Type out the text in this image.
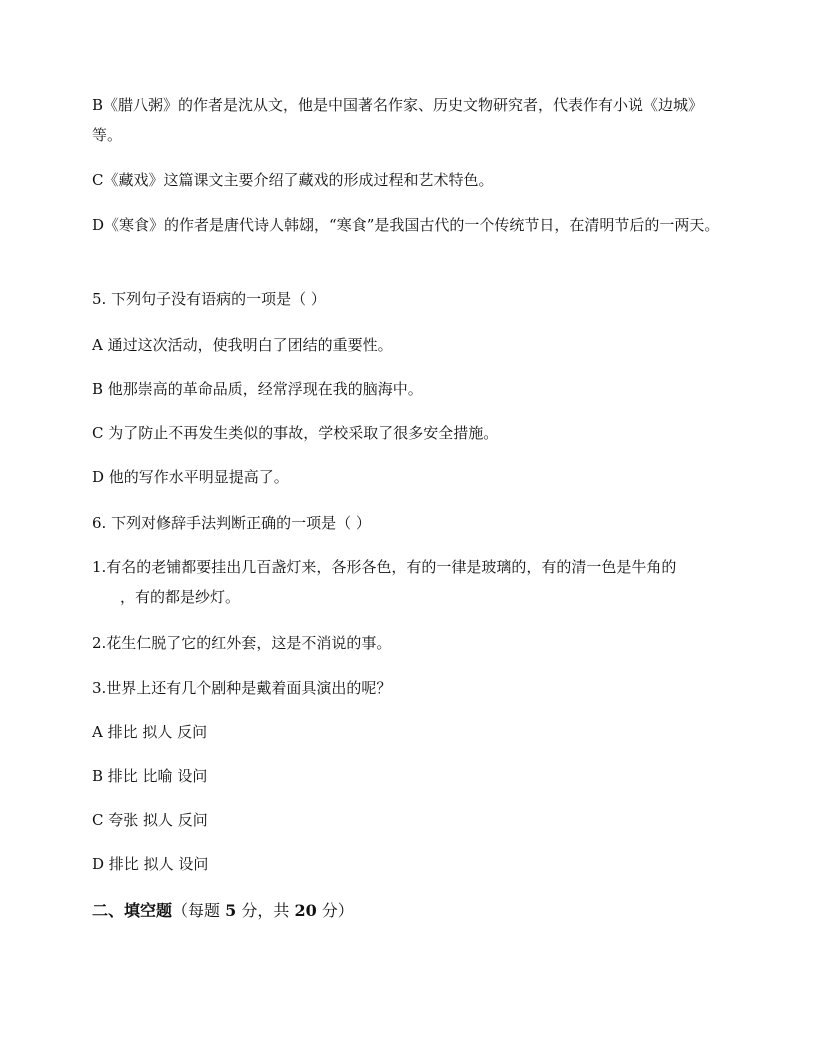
B《腊八粥》的作者是沈从文，他是中国著名作家、历史文物研究者，代表作有小说《边城》等。

C《藏戏》这篇课文主要介绍了藏戏的形成过程和艺术特色。

D《寒食》的作者是唐代诗人韩翃，“寒食”是我国古代的一个传统节日，在清明节后的一两天。

5. 下列句子没有语病的一项是（ ）

A 通过这次活动，使我明白了团结的重要性。

B 他那崇高的革命品质，经常浮现在我的脑海中。

C 为了防止不再发生类似的事故，学校采取了很多安全措施。

D 他的写作水平明显提高了。

6. 下列对修辞手法判断正确的一项是（ ）

1.有名的老铺都要挂出几百盏灯来，各形各色，有的一律是玻璃的，有的清一色是牛角的
，有的都是纱灯。

2.花生仁脱了它的红外套，这是不消说的事。

3.世界上还有几个剧种是戴着面具演出的呢？

A 排比 拟人 反问

B 排比 比喻 设问

C 夸张 拟人 反问

D 排比 拟人 设问

二、填空题（每题 5 分，共 20 分）
